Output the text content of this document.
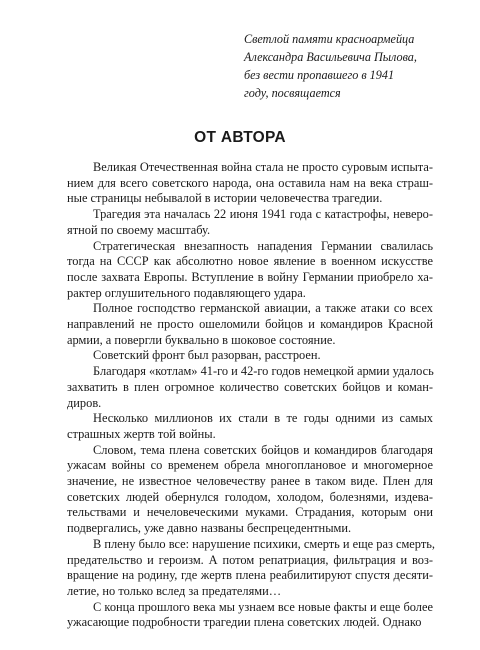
Светлой памяти красноармейца
Александра Васильевича Пылова,
без вести пропавшего в 1941
году, посвящается
ОТ АВТОРА
Великая Отечественная война стала не просто суровым испыта-
нием для всего советского народа, она оставила нам на века страш-
ные страницы небывалой в истории человечества трагедии.
Трагедия эта началась 22 июня 1941 года с катастрофы, неверо-
ятной по своему масштабу.
Стратегическая внезапность нападения Германии свалилась
тогда на СССР как абсолютно новое явление в военном искусстве
после захвата Европы. Вступление в войну Германии приобрело ха-
рактер оглушительного подавляющего удара.
Полное господство германской авиации, а также атаки со всех
направлений не просто ошеломили бойцов и командиров Красной
армии, а повергли буквально в шоковое состояние.
Советский фронт был разорван, расстроен.
Благодаря «котлам» 41-го и 42-го годов немецкой армии удалось
захватить в плен огромное количество советских бойцов и коман-
диров.
Несколько миллионов их стали в те годы одними из самых
страшных жертв той войны.
Словом, тема плена советских бойцов и командиров благодаря
ужасам войны со временем обрела многоплановое и многомерное
значение, не известное человечеству ранее в таком виде. Плен для
советских людей обернулся голодом, холодом, болезнями, издева-
тельствами и нечеловеческими муками. Страдания, которым они
подвергались, уже давно названы беспрецедентными.
В плену было все: нарушение психики, смерть и еще раз смерть,
предательство и героизм. А потом репатриация, фильтрация и воз-
вращение на родину, где жертв плена реабилитируют спустя десяти-
летие, но только вслед за предателями…
С конца прошлого века мы узнаем все новые факты и еще более
ужасающие подробности трагедии плена советских людей. Однако
